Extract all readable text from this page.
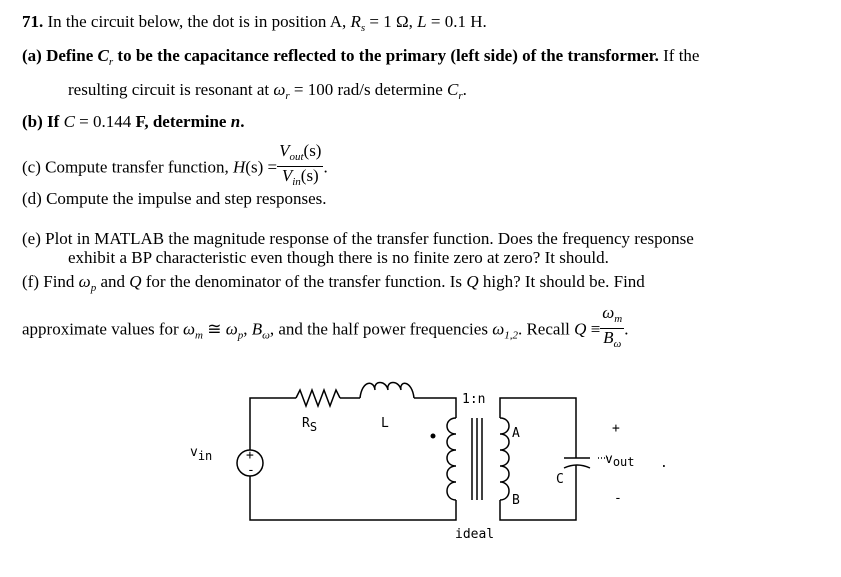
71. In the circuit below, the dot is in position A, $R_s = 1$ Ω, L = 0.1 H.
(a) Define $C_r$ to be the capacitance reflected to the primary (left side) of the transformer. If the
resulting circuit is resonant at $\omega_r = 100$ rad/s determine $C_r$.
(b) If C = 0.144 F, determine n.
(c) Compute transfer function, $H(s) = \frac{V_{out}(s)}{V_{in}(s)}$ .
(d) Compute the impulse and step responses.
(e) Plot in MATLAB the magnitude response of the transfer function. Does the frequency response
exhibit a BP characteristic even though there is no finite zero at zero? It should.
(f) Find $\omega_p$ and Q for the denominator of the transfer function. Is Q high? It should be. Find
approximate values for $\omega_m$ ≅ $\omega_p$, $B_\omega$, and the half power frequencies $\omega_{1,2}$. Recall $Q \equiv \frac{\omega_m}{B_\omega}$ .
vin	+
-
RS	L
1:n
A
B
C
+
vout .
-
ideal
